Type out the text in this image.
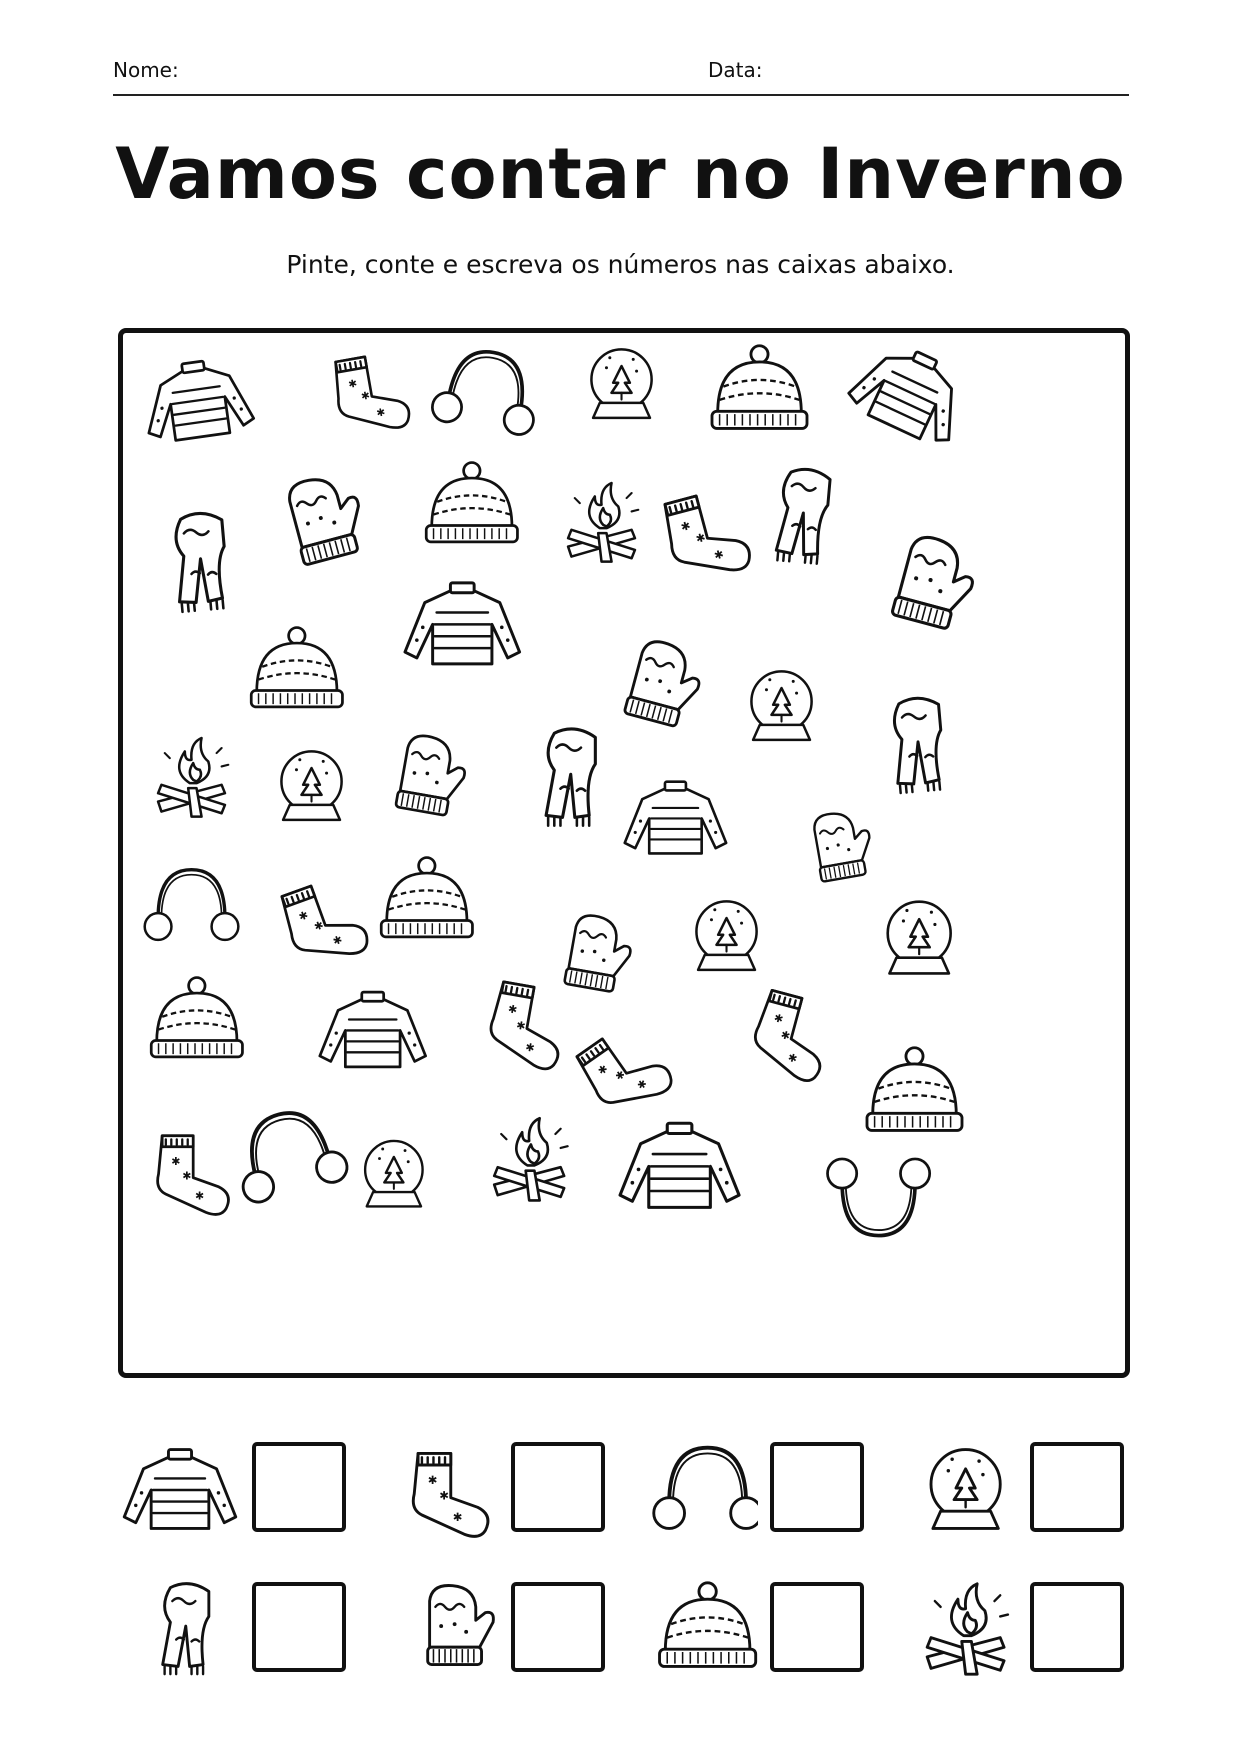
Nome:	Data:
Vamos contar no Inverno
Pinte, conte e escreva os números nas caixas abaixo.
✱
✱
✱
✱
✱
✱
✱
✱
✱
✱
✱
✱
✱ ✱
✱
✱
✱
✱
✱
✱
✱
✱
✱
✱
